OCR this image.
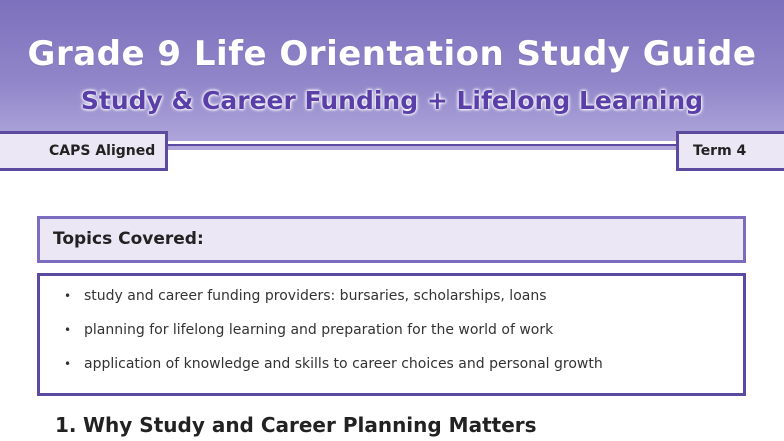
Grade 9 Life Orientation Study Guide
Study & Career Funding + Lifelong Learning
CAPS Aligned	Term 4
Topics Covered:
• study and career funding providers: bursaries, scholarships, loans
• planning for lifelong learning and preparation for the world of work
• application of knowledge and skills to career choices and personal growth
1. Why Study and Career Planning Matters
